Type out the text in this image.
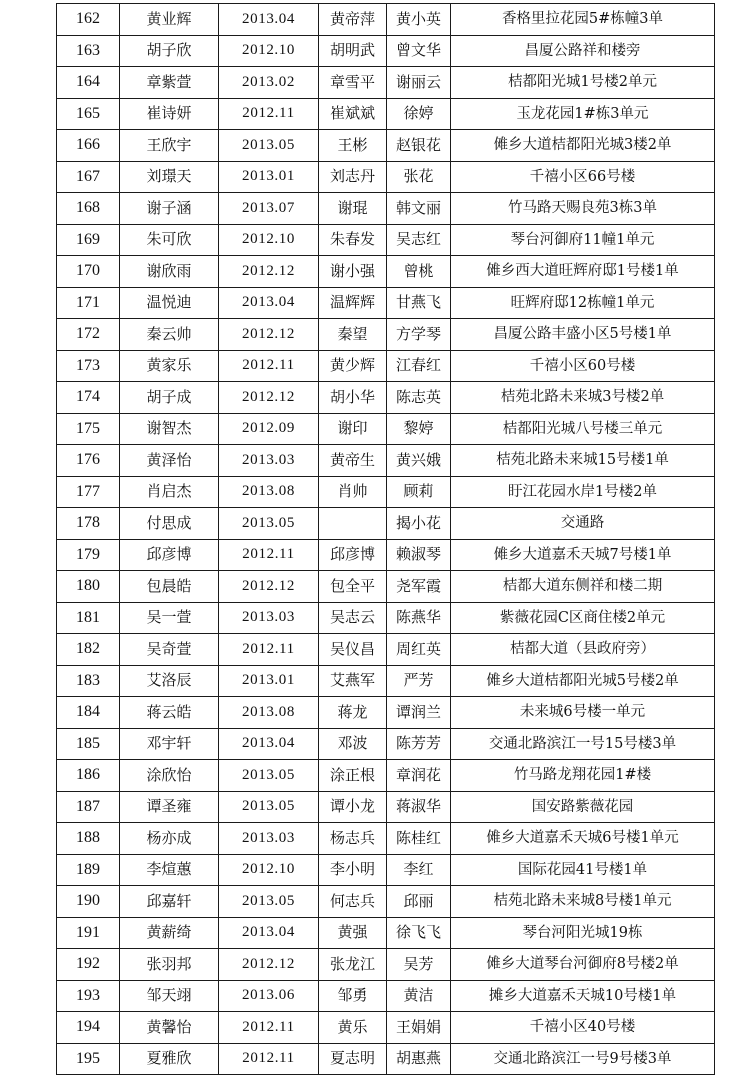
162	黄业辉	2013.04	黄帝萍	黄小英	香格里拉花园5#栋幢3单
163	胡子欣	2012.10	胡明武	曾文华	昌厦公路祥和楼旁
164	章紫萱	2013.02	章雪平	谢丽云	桔都阳光城1号楼2单元
165	崔诗妍	2012.11	崔斌斌	徐婷	玉龙花园1#栋3单元
166	王欣宇	2013.05	王彬	赵银花	傩乡大道桔都阳光城3楼2单
167	刘璟天	2013.01	刘志丹	张花	千禧小区66号楼
168	谢子涵	2013.07	谢琨	韩文丽	竹马路天赐良苑3栋3单
169	朱可欣	2012.10	朱春发	吴志红	琴台河御府11幢1单元
170	谢欣雨	2012.12	谢小强	曾桃	傩乡西大道旺辉府邸1号楼1单
171	温悦迪	2013.04	温辉辉	甘燕飞	旺辉府邸12栋幢1单元
172	秦云帅	2012.12	秦望	方学琴	昌厦公路丰盛小区5号楼1单
173	黄家乐	2012.11	黄少辉	江春红	千禧小区60号楼
174	胡子成	2012.12	胡小华	陈志英	桔苑北路未来城3号楼2单
175	谢智杰	2012.09	谢印	黎婷	桔都阳光城八号楼三单元
176	黄泽怡	2013.03	黄帝生	黄兴娥	桔苑北路未来城15号楼1单
177	肖启杰	2013.08	肖帅	顾莉	盱江花园水岸1号楼2单
178	付思成	2013.05		揭小花	交通路
179	邱彦博	2012.11	邱彦博	赖淑琴	傩乡大道嘉禾天城7号楼1单
180	包晨皓	2012.12	包全平	尧军霞	桔都大道东侧祥和楼二期
181	吴一萱	2013.03	吴志云	陈燕华	紫薇花园C区商住楼2单元
182	吴奇萱	2012.11	吴仪昌	周红英	桔都大道（县政府旁）
183	艾洛辰	2013.01	艾燕军	严芳	傩乡大道桔都阳光城5号楼2单
184	蒋云皓	2013.08	蒋龙	谭润兰	未来城6号楼一单元
185	邓宇轩	2013.04	邓波	陈芳芳	交通北路滨江一号15号楼3单
186	涂欣怡	2013.05	涂正根	章润花	竹马路龙翔花园1#楼
187	谭圣雍	2013.05	谭小龙	蒋淑华	国安路紫薇花园
188	杨亦成	2013.03	杨志兵	陈桂红	傩乡大道嘉禾天城6号楼1单元
189	李煊蕙	2012.10	李小明	李红	国际花园41号楼1单
190	邱嘉轩	2013.05	何志兵	邱丽	桔苑北路未来城8号楼1单元
191	黄薪绮	2013.04	黄强	徐飞飞	琴台河阳光城19栋
192	张羽邦	2012.12	张龙江	吴芳	傩乡大道琴台河御府8号楼2单
193	邹天翊	2013.06	邹勇	黄洁	摊乡大道嘉禾天城10号楼1单
194	黄馨怡	2012.11	黄乐	王娟娟	千禧小区40号楼
195	夏雅欣	2012.11	夏志明	胡惠燕	交通北路滨江一号9号楼3单
